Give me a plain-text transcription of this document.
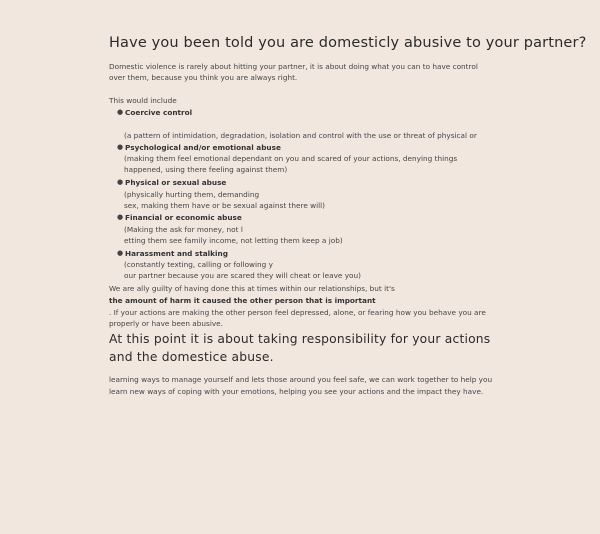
Have you been told you are domesticly abusive to your partner?

Domestic violence is rarely about hitting your partner, it is about doing what you can to have control over them, because you think you are always right.

This would include

● Coercive control
(a pattern of intimidation, degradation, isolation and control with the use or threat of physical or
● Psychological and/or emotional abuse
(making them feel emotional dependant on you and scared of your actions, denying things
happened, using there feeling against them)
● Physical or sexual abuse
(physically hurting them, demanding
sex, making them have or be sexual against there will)
● Financial or economic abuse
(Making the ask for money, not l
etting them see family income, not letting them keep a job)
● Harassment and stalking
(constantly texting, calling or following y
our partner because you are scared they will cheat or leave you)
We are ally guilty of having done this at times within our relationships, but it's
the amount of harm it caused the other person that is important
. If your actions are making the other person feel depressed, alone, or fearing how you behave you are
properly or have been abusive.
At this point it is about taking responsibility for your actions
and the domestice abuse.

learning ways to manage yourself and lets those around you feel safe, we can work together to help you learn new ways of coping with your emotions, helping you see your actions and the impact they have.
